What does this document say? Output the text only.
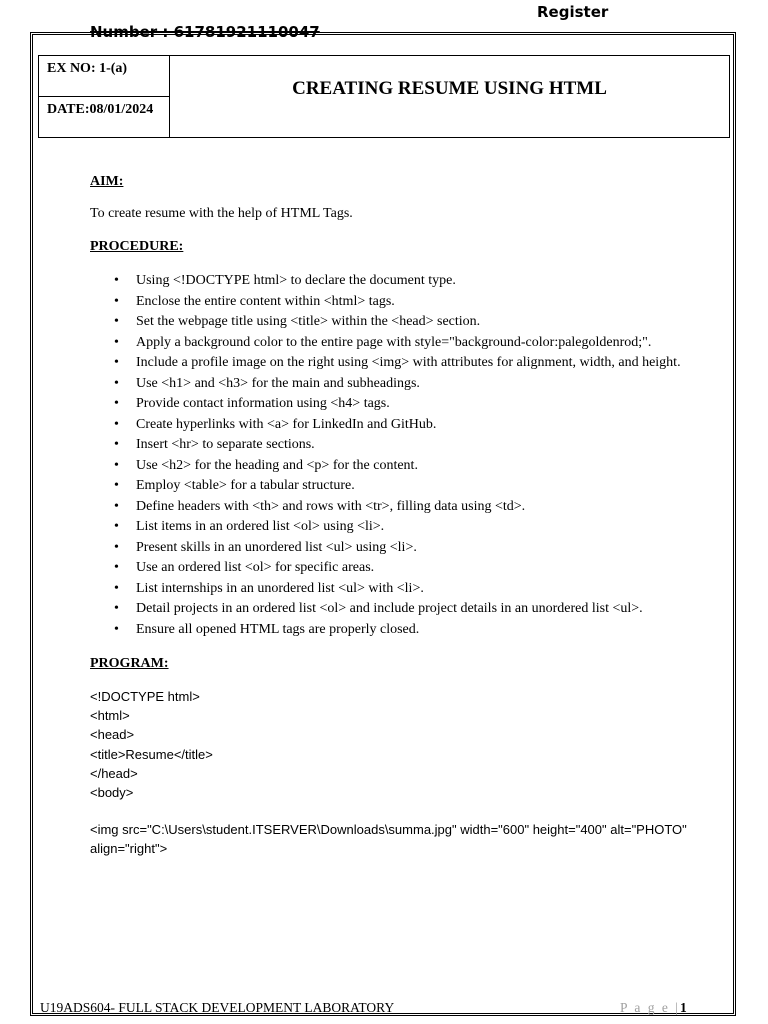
Register
Number : 61781921110047
EX NO: 1-(a)
DATE:08/01/2024
CREATING RESUME USING HTML

AIM:

To create resume with the help of HTML Tags.

PROCEDURE:

• Using <!DOCTYPE html> to declare the document type.
• Enclose the entire content within <html> tags.
• Set the webpage title using <title> within the <head> section.
• Apply a background color to the entire page with style="background-color:palegoldenrod;".
• Include a profile image on the right using <img> with attributes for alignment, width, and height.
• Use <h1> and <h3> for the main and subheadings.
• Provide contact information using <h4> tags.
• Create hyperlinks with <a> for LinkedIn and GitHub.
• Insert <hr> to separate sections.
• Use <h2> for the heading and <p> for the content.
• Employ <table> for a tabular structure.
• Define headers with <th> and rows with <tr>, filling data using <td>.
• List items in an ordered list <ol> using <li>.
• Present skills in an unordered list <ul> using <li>.
• Use an ordered list <ol> for specific areas.
• List internships in an unordered list <ul> with <li>.
• Detail projects in an ordered list <ol> and include project details in an unordered list <ul>.
• Ensure all opened HTML tags are properly closed.

PROGRAM:

<!DOCTYPE html>
<html>
<head>
<title>Resume</title>
</head>
<body>
<img src="C:\Users\student.ITSERVER\Downloads\summa.jpg" width="600" height="400" alt="PHOTO" align="right">
U19ADS604- FULL STACK DEVELOPMENT LABORATORY	P a g e |1
